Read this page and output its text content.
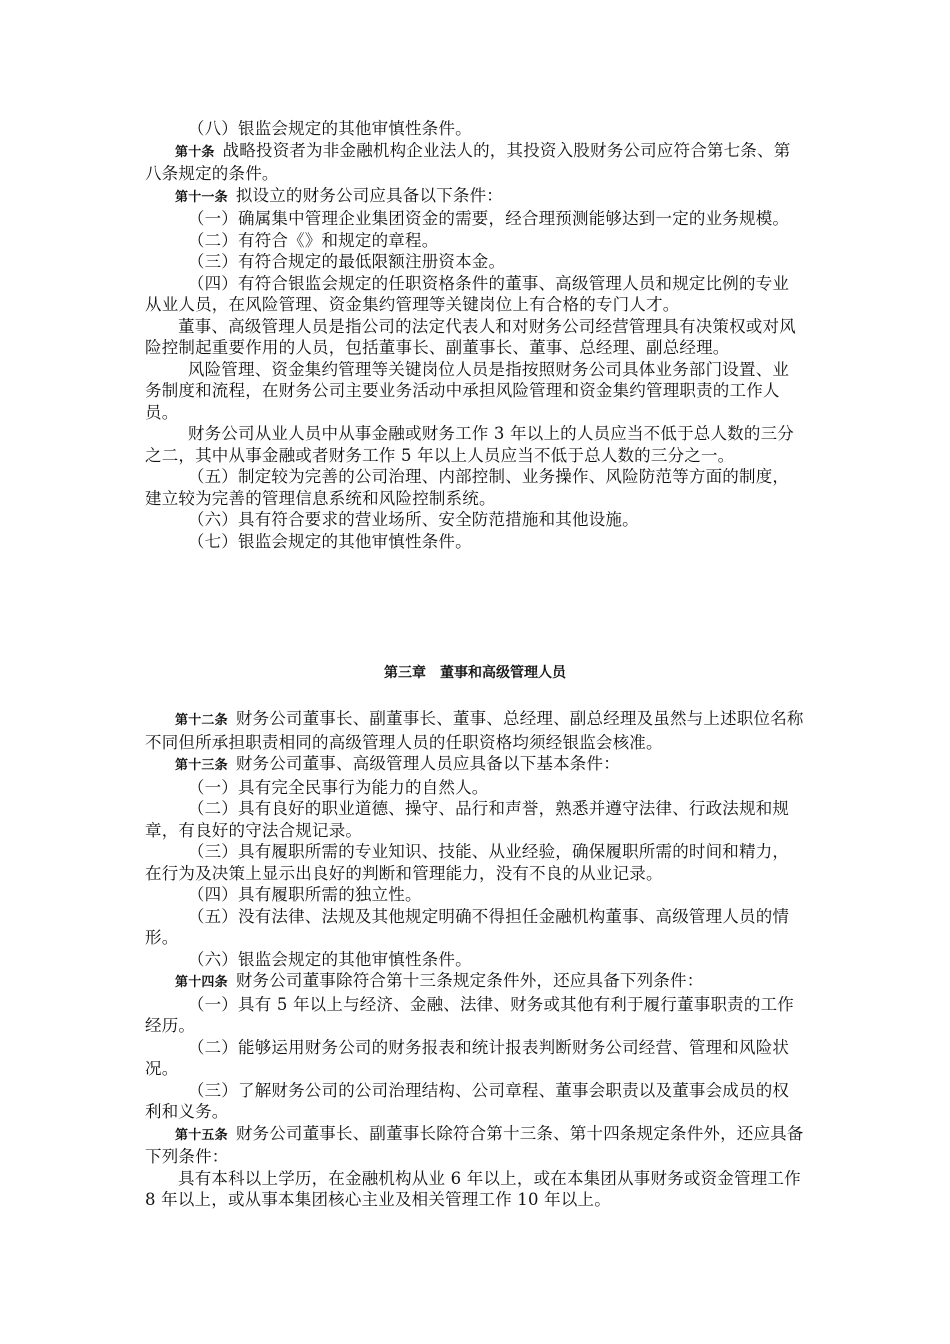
（八）银监会规定的其他审慎性条件。

第十条 战略投资者为非金融机构企业法人的，其投资入股财务公司应符合第七条、第八条规定的条件。

第十一条 拟设立的财务公司应具备以下条件：

（一）确属集中管理企业集团资金的需要，经合理预测能够达到一定的业务规模。

（二）有符合《》和规定的章程。

（三）有符合规定的最低限额注册资本金。

（四）有符合银监会规定的任职资格条件的董事、高级管理人员和规定比例的专业从业人员，在风险管理、资金集约管理等关键岗位上有合格的专门人才。

董事、高级管理人员是指公司的法定代表人和对财务公司经营管理具有决策权或对风险控制起重要作用的人员，包括董事长、副董事长、董事、总经理、副总经理。

风险管理、资金集约管理等关键岗位人员是指按照财务公司具体业务部门设置、业务制度和流程，在财务公司主要业务活动中承担风险管理和资金集约管理职责的工作人员。

财务公司从业人员中从事金融或财务工作 3 年以上的人员应当不低于总人数的三分之二，其中从事金融或者财务工作 5 年以上人员应当不低于总人数的三分之一。

（五）制定较为完善的公司治理、内部控制、业务操作、风险防范等方面的制度，建立较为完善的管理信息系统和风险控制系统。

（六）具有符合要求的营业场所、安全防范措施和其他设施。

（七）银监会规定的其他审慎性条件。

第三章　董事和高级管理人员

第十二条 财务公司董事长、副董事长、董事、总经理、副总经理及虽然与上述职位名称不同但所承担职责相同的高级管理人员的任职资格均须经银监会核准。

第十三条 财务公司董事、高级管理人员应具备以下基本条件：

（一）具有完全民事行为能力的自然人。

（二）具有良好的职业道德、操守、品行和声誉，熟悉并遵守法律、行政法规和规章，有良好的守法合规记录。

（三）具有履职所需的专业知识、技能、从业经验，确保履职所需的时间和精力，在行为及决策上显示出良好的判断和管理能力，没有不良的从业记录。

（四）具有履职所需的独立性。

（五）没有法律、法规及其他规定明确不得担任金融机构董事、高级管理人员的情形。

（六）银监会规定的其他审慎性条件。

第十四条 财务公司董事除符合第十三条规定条件外，还应具备下列条件：

（一）具有 5 年以上与经济、金融、法律、财务或其他有利于履行董事职责的工作经历。

（二）能够运用财务公司的财务报表和统计报表判断财务公司经营、管理和风险状况。

（三）了解财务公司的公司治理结构、公司章程、董事会职责以及董事会成员的权利和义务。

第十五条 财务公司董事长、副董事长除符合第十三条、第十四条规定条件外，还应具备下列条件：

具有本科以上学历，在金融机构从业 6 年以上，或在本集团从事财务或资金管理工作 8 年以上，或从事本集团核心主业及相关管理工作 10 年以上。
